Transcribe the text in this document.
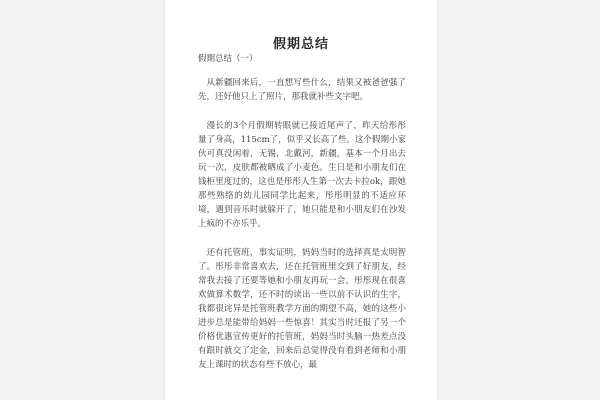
假期总结
假期总结（一）

从新疆回来后，一直想写些什么，结果又被爸爸强了先，还好他只上了照片，那我就补些文字吧。

漫长的3个月假期转眼就已接近尾声了，昨天给彤彤量了身高，115cm了，似乎又长高了些。这个假期小家伙可真没闲着，无锡，北戴河，新疆，基本一个月出去玩一次，皮肤都被晒成了小麦色。生日是和小朋友们在钱柜里度过的，这也是彤彤人生第一次去卡拉ok，跟她那些熟络的幼儿园同学比起来，彤彤明显的不适应环境，遇到音乐时就躲开了，她只能是和小朋友们在沙发上疯的不亦乐乎。

还有托管班，事实证明，妈妈当时的选择真是太明智了。彤彤非常喜欢去，还在托管班里交到了好朋友，经常我去接了还要等她和小朋友再玩一会。彤彤现在很喜欢做算术数学，还不时的读出一些以前不认识的生字，我都很诧异是托管班教学方面的期望不高，她的这些小进步总是能带给妈妈一些惊喜！其实当时还报了另一个价格优惠宣传更好的托管班，妈妈当时头脑一热差点没有跟时就交了定金，回来后总觉得没有看到老师和小朋友上课时的状态有些不放心，最
